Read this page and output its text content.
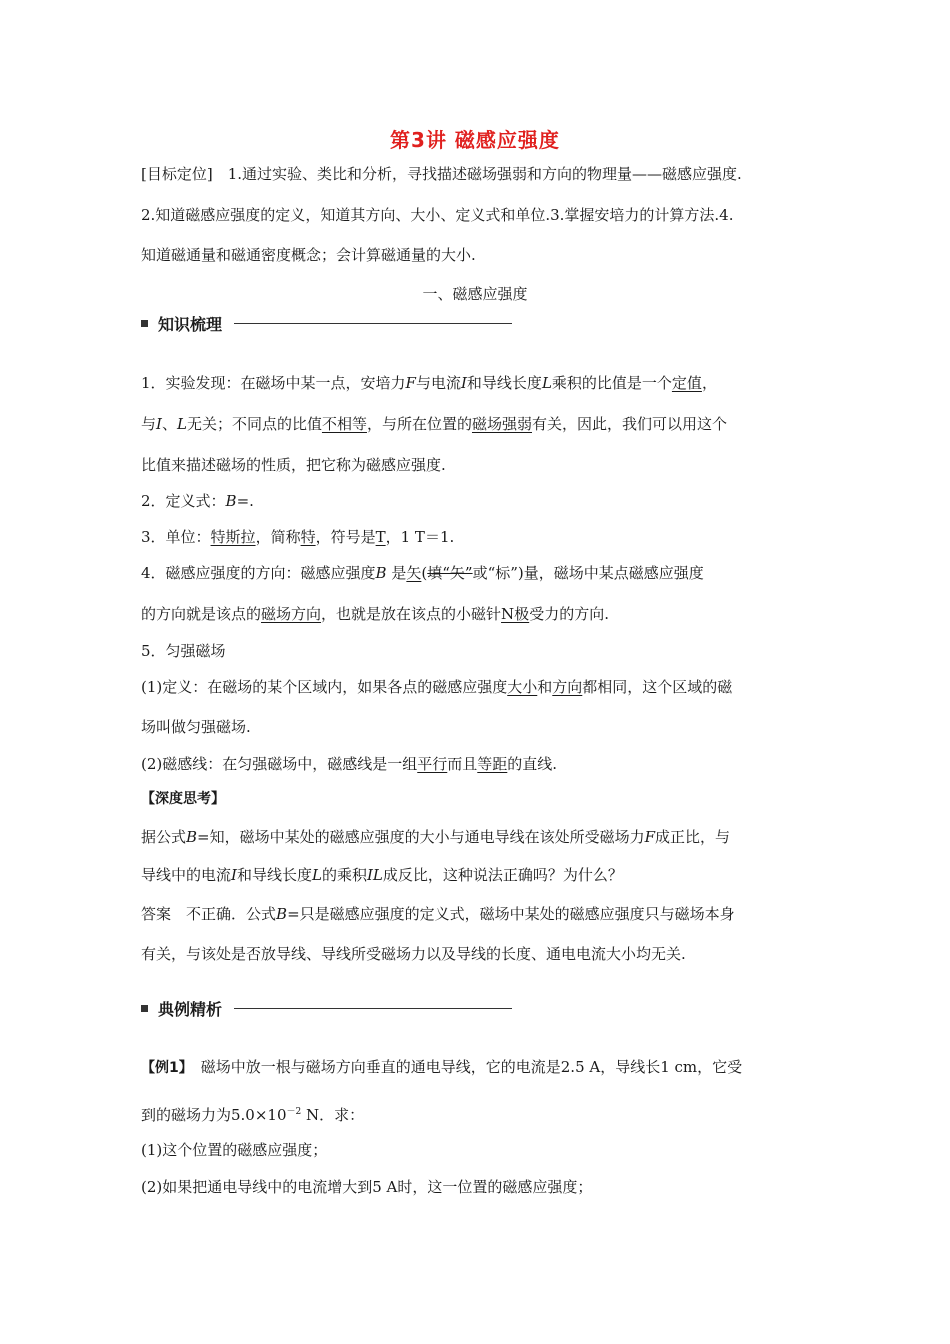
第3讲 磁感应强度
[目标定位]　 1.通过实验、类比和分析，寻找描述磁场强弱和方向的物理量——磁感应强度.
2.知道磁感应强度的定义，知道其方向、大小、定义式和单位.3.掌握安培力的计算方法.4.
知道磁通量和磁通密度概念；会计算磁通量的大小.
一、磁感应强度
知识梳理
1．实验发现：在磁场中某一点，安培力F与电流I和导线长度L乘积的比值是一个定值，
与I、L无关；不同点的比值不相等，与所在位置的磁场强弱有关，因此，我们可以用这个
比值来描述磁场的性质，把它称为磁感应强度.
2．定义式：B=.
3．单位：特斯拉，简称特，符号是T，1 T＝1.
4．磁感应强度的方向：磁感应强度B 是矢(填“矢”或“标”)量，磁场中某点磁感应强度
的方向就是该点的磁场方向，也就是放在该点的小磁针N极受力的方向.
5．匀强磁场
(1)定义：在磁场的某个区域内，如果各点的磁感应强度大小和方向都相同，这个区域的磁
场叫做匀强磁场.
(2)磁感线：在匀强磁场中，磁感线是一组平行而且等距的直线.
【深度思考】
据公式B=知，磁场中某处的磁感应强度的大小与通电导线在该处所受磁场力F成正比，与
导线中的电流I和导线长度L的乘积IL成反比，这种说法正确吗？为什么？
答案　不正确．公式B=只是磁感应强度的定义式，磁场中某处的磁感应强度只与磁场本身
有关，与该处是否放导线、导线所受磁场力以及导线的长度、通电电流大小均无关.
典例精析
【例1】　磁场中放一根与磁场方向垂直的通电导线，它的电流是2.5 A，导线长1 cm，它受
到的磁场力为$5.0\times 10^{-2}$ N．求：
(1)这个位置的磁感应强度；
(2)如果把通电导线中的电流增大到5 A时，这一位置的磁感应强度；
